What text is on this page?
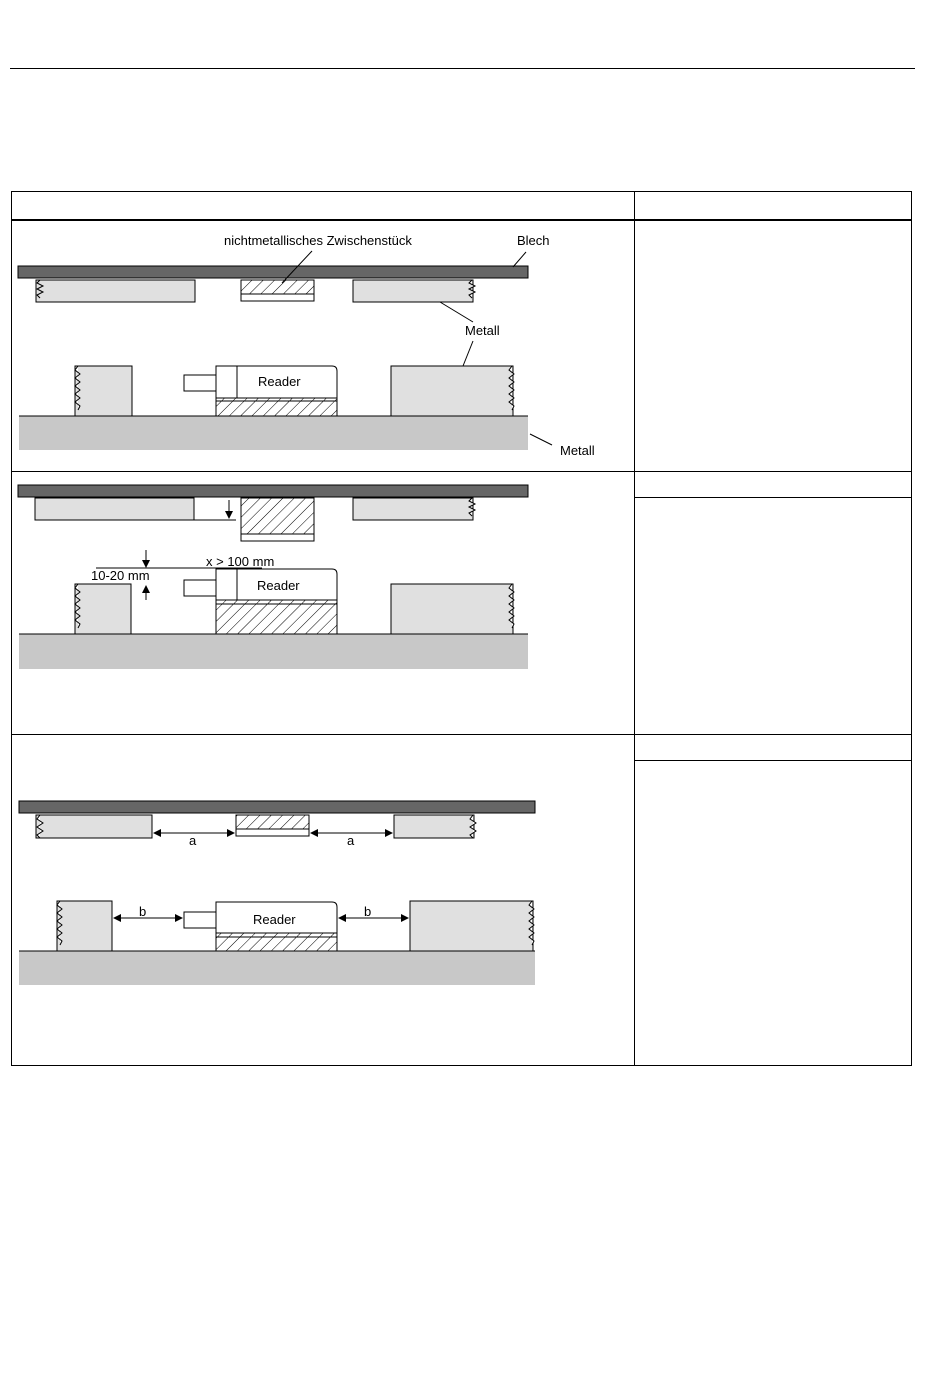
nichtmetallisches Zwischenstück	Blech
Metall
Reader
Metall
10-20 mm
x > 100 mm
Reader
a	a
Reader
b	b
